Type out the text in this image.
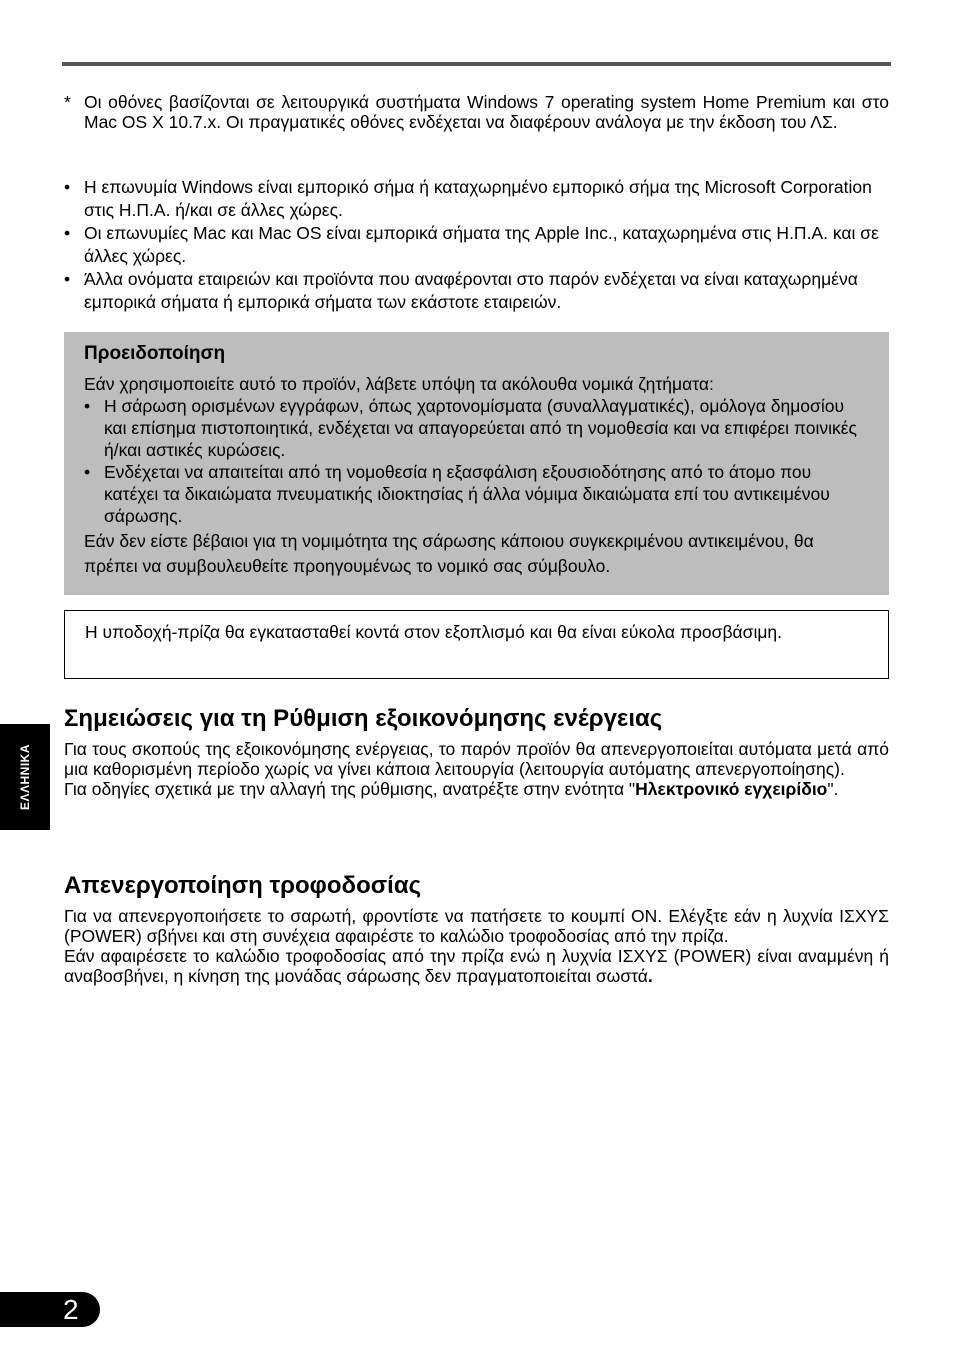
* Οι οθόνες βασίζονται σε λειτουργικά συστήματα Windows 7 operating system Home Premium και στο Mac OS X 10.7.x. Οι πραγματικές οθόνες ενδέχεται να διαφέρουν ανάλογα με την έκδοση του ΛΣ.
• Η επωνυμία Windows είναι εμπορικό σήμα ή καταχωρημένο εμπορικό σήμα της Microsoft Corporation στις Η.Π.Α. ή/και σε άλλες χώρες.
• Οι επωνυμίες Mac και Mac OS είναι εμπορικά σήματα της Apple Inc., καταχωρημένα στις Η.Π.Α. και σε άλλες χώρες.
• Άλλα ονόματα εταιρειών και προϊόντα που αναφέρονται στο παρόν ενδέχεται να είναι καταχωρημένα εμπορικά σήματα ή εμπορικά σήματα των εκάστοτε εταιρειών.
Προειδοποίηση

Εάν χρησιμοποιείτε αυτό το προϊόν, λάβετε υπόψη τα ακόλουθα νομικά ζητήματα:

• Η σάρωση ορισμένων εγγράφων, όπως χαρτονομίσματα (συναλλαγματικές), ομόλογα δημοσίου και επίσημα πιστοποιητικά, ενδέχεται να απαγορεύεται από τη νομοθεσία και να επιφέρει ποινικές ή/και αστικές κυρώσεις.
• Ενδέχεται να απαιτείται από τη νομοθεσία η εξασφάλιση εξουσιοδότησης από το άτομο που κατέχει τα δικαιώματα πνευματικής ιδιοκτησίας ή άλλα νόμιμα δικαιώματα επί του αντικειμένου σάρωσης.

Εάν δεν είστε βέβαιοι για τη νομιμότητα της σάρωσης κάποιου συγκεκριμένου αντικειμένου, θα πρέπει να συμβουλευθείτε προηγουμένως το νομικό σας σύμβουλο.

Η υποδοχή-πρίζα θα εγκατασταθεί κοντά στον εξοπλισμό και θα είναι εύκολα προσβάσιμη.
Σημειώσεις για τη Ρύθμιση εξοικονόμησης ενέργειας
Για τους σκοπούς της εξοικονόμησης ενέργειας, το παρόν προϊόν θα απενεργοποιείται αυτόματα μετά από μια καθορισμένη περίοδο χωρίς να γίνει κάποια λειτουργία (λειτουργία αυτόματης απενεργοποίησης).
Για οδηγίες σχετικά με την αλλαγή της ρύθμισης, ανατρέξτε στην ενότητα "Ηλεκτρονικό εγχειρίδιο".
Απενεργοποίηση τροφοδοσίας
Για να απενεργοποιήσετε το σαρωτή, φροντίστε να πατήσετε το κουμπί ON. Ελέγξτε εάν η λυχνία ΙΣΧΥΣ (POWER) σβήνει και στη συνέχεια αφαιρέστε το καλώδιο τροφοδοσίας από την πρίζα.
Εάν αφαιρέσετε το καλώδιο τροφοδοσίας από την πρίζα ενώ η λυχνία ΙΣΧΥΣ (POWER) είναι αναμμένη ή αναβοσβήνει, η κίνηση της μονάδας σάρωσης δεν πραγματοποιείται σωστά.
ΕΛΛΗΝΙΚΑ
2
